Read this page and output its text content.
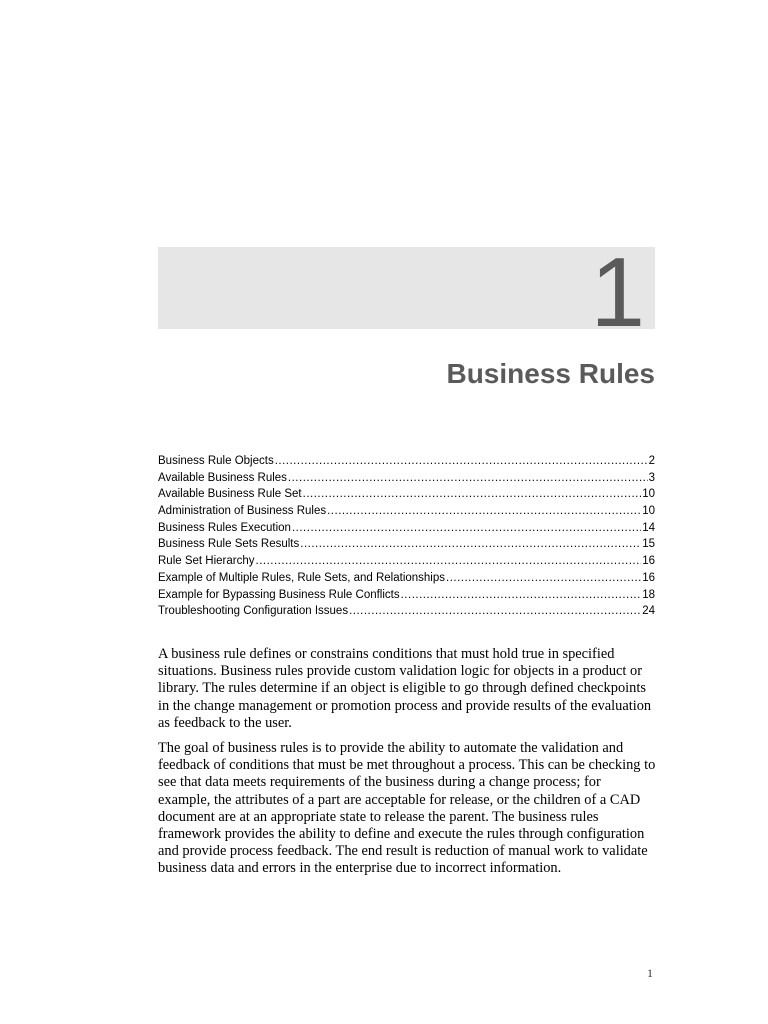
1
Business Rules
Business Rule Objects .....	2
Available Business Rules .....	3
Available Business Rule Set .....	10
Administration of Business Rules .....	10
Business Rules Execution .....	14
Business Rule Sets Results .....	15
Rule Set Hierarchy .....	16
Example of Multiple Rules, Rule Sets, and Relationships .....	16
Example for Bypassing Business Rule Conflicts .....	18
Troubleshooting Configuration Issues .....	24

A business rule defines or constrains conditions that must hold true in specified situations. Business rules provide custom validation logic for objects in a product or library. The rules determine if an object is eligible to go through defined checkpoints in the change management or promotion process and provide results of the evaluation as feedback to the user.

The goal of business rules is to provide the ability to automate the validation and feedback of conditions that must be met throughout a process. This can be checking to see that data meets requirements of the business during a change process; for example, the attributes of a part are acceptable for release, or the children of a CAD document are at an appropriate state to release the parent. The business rules framework provides the ability to define and execute the rules through configuration and provide process feedback. The end result is reduction of manual work to validate business data and errors in the enterprise due to incorrect information.

1
